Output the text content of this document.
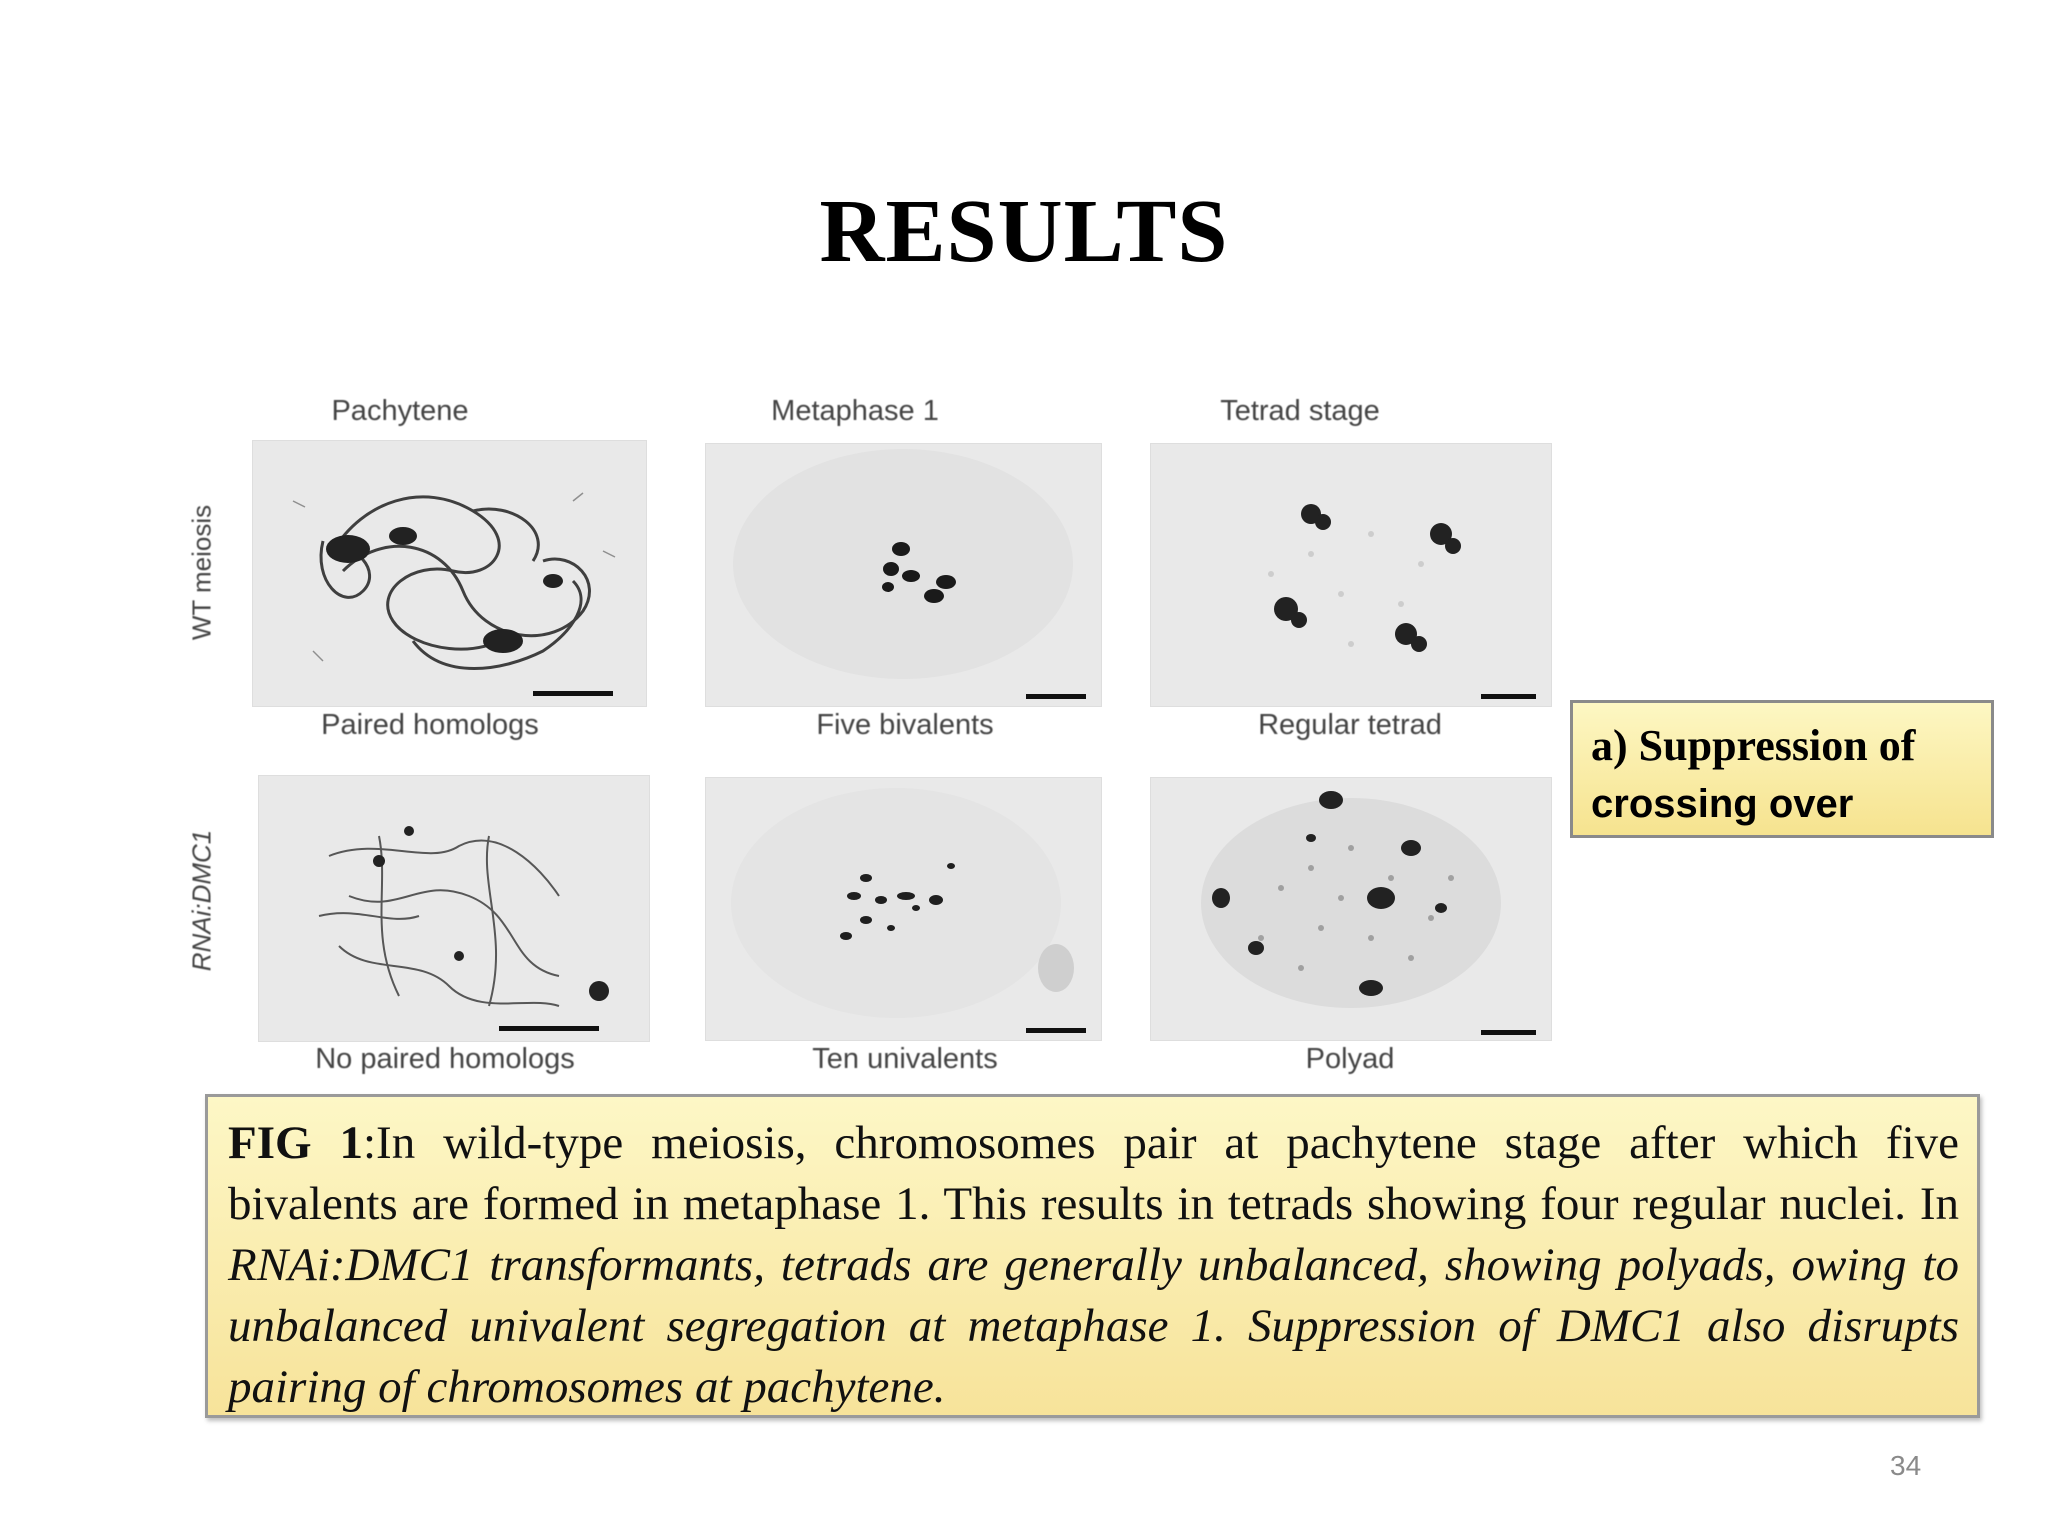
RESULTS
Pachytene	Metaphase 1	Tetrad stage
WT meiosis
RNAi:DMC1
Paired homologs	Five bivalents	Regular tetrad
No paired homologs	Ten univalents	Polyad
a) Suppression of
crossing over
FIG 1:In wild-type meiosis, chromosomes pair at pachytene stage after which five bivalents are formed in metaphase 1. This results in tetrads showing four regular nuclei. In RNAi:DMC1 transformants, tetrads are generally unbalanced, showing polyads, owing to unbalanced univalent segregation at metaphase 1. Suppression of DMC1 also disrupts pairing of chromosomes at pachytene.
34
